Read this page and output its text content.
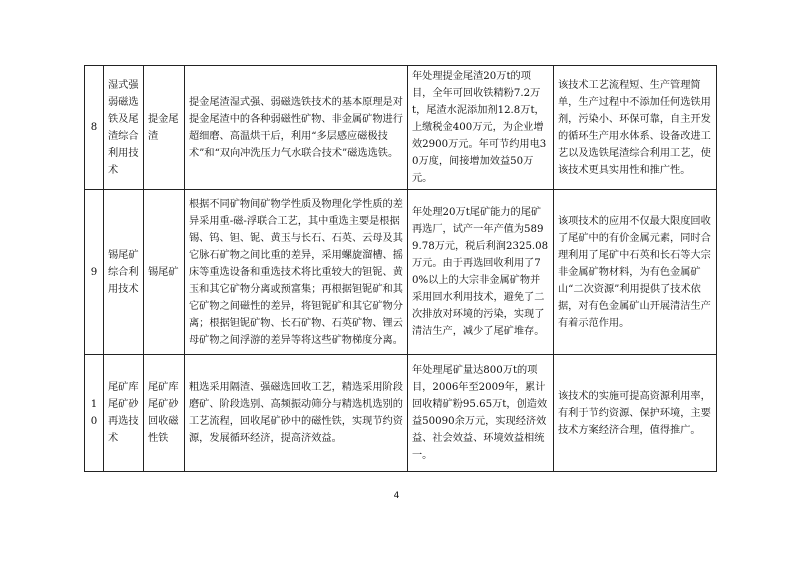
8	湿式强弱磁选铁及尾渣综合利用技术	提金尾渣	提金尾渣湿式强、弱磁选铁技术的基本原理是对提金尾渣中的各种弱磁性矿物、非金属矿物进行超细磨、高温烘干后，利用“多层感应磁极技术”和“双向冲洗压力气水联合技术”磁选选铁。	年处理提金尾渣20万t的项目，全年可回收铁精粉7.2万t，尾渣水泥添加剂12.8万t，上缴税金400万元，为企业增效2900万元。年可节约用电30万度，间接增加效益50万元。	该技术工艺流程短、生产管理简单，生产过程中不添加任何选铁用剂，污染小、环保可靠，自主开发的循环生产用水体系、设备改进工艺以及选铁尾渣综合利用工艺，使该技术更具实用性和推广性。
9	锡尾矿综合利用技术	锡尾矿	根据不同矿物间矿物学性质及物理化学性质的差异采用重-磁-浮联合工艺，其中重选主要是根据锡、钨、钽、铌、黄玉与长石、石英、云母及其它脉石矿物之间比重的差异，采用螺旋溜槽、摇床等重选设备和重选技术将比重较大的钽铌、黄玉和其它矿物分离或预富集；再根据钽铌矿和其它矿物之间磁性的差异，将钽铌矿和其它矿物分离；根据钽铌矿物、长石矿物、石英矿物、锂云母矿物之间浮游的差异等将这些矿物梯度分离。	年处理20万t尾矿能力的尾矿再选厂，试产一年产值为5899.78万元，税后利润2325.08万元。由于再选回收利用了70%以上的大宗非金属矿物并采用回水利用技术，避免了二次排放对环境的污染，实现了清洁生产，减少了尾矿堆存。	该项技术的应用不仅最大限度回收了尾矿中的有价金属元素，同时合理利用了尾矿中石英和长石等大宗非金属矿物材料，为有色金属矿山“二次资源”利用提供了技术依据，对有色金属矿山开展清洁生产有着示范作用。
10	尾矿库尾矿砂再选技术	尾矿库尾矿砂回收磁性铁	粗选采用隔渣、强磁选回收工艺，精选采用阶段磨矿、阶段选别、高频振动筛分与精选机选别的工艺流程，回收尾矿砂中的磁性铁，实现节约资源，发展循环经济，提高济效益。	年处理尾矿量达800万t的项目，2006年至2009年，累计回收精矿粉95.65万t，创造效益50090余万元，实现经济效益、社会效益、环境效益相统一。	该技术的实施可提高资源利用率，有利于节约资源、保护环境，主要技术方案经济合理，值得推广。
4
